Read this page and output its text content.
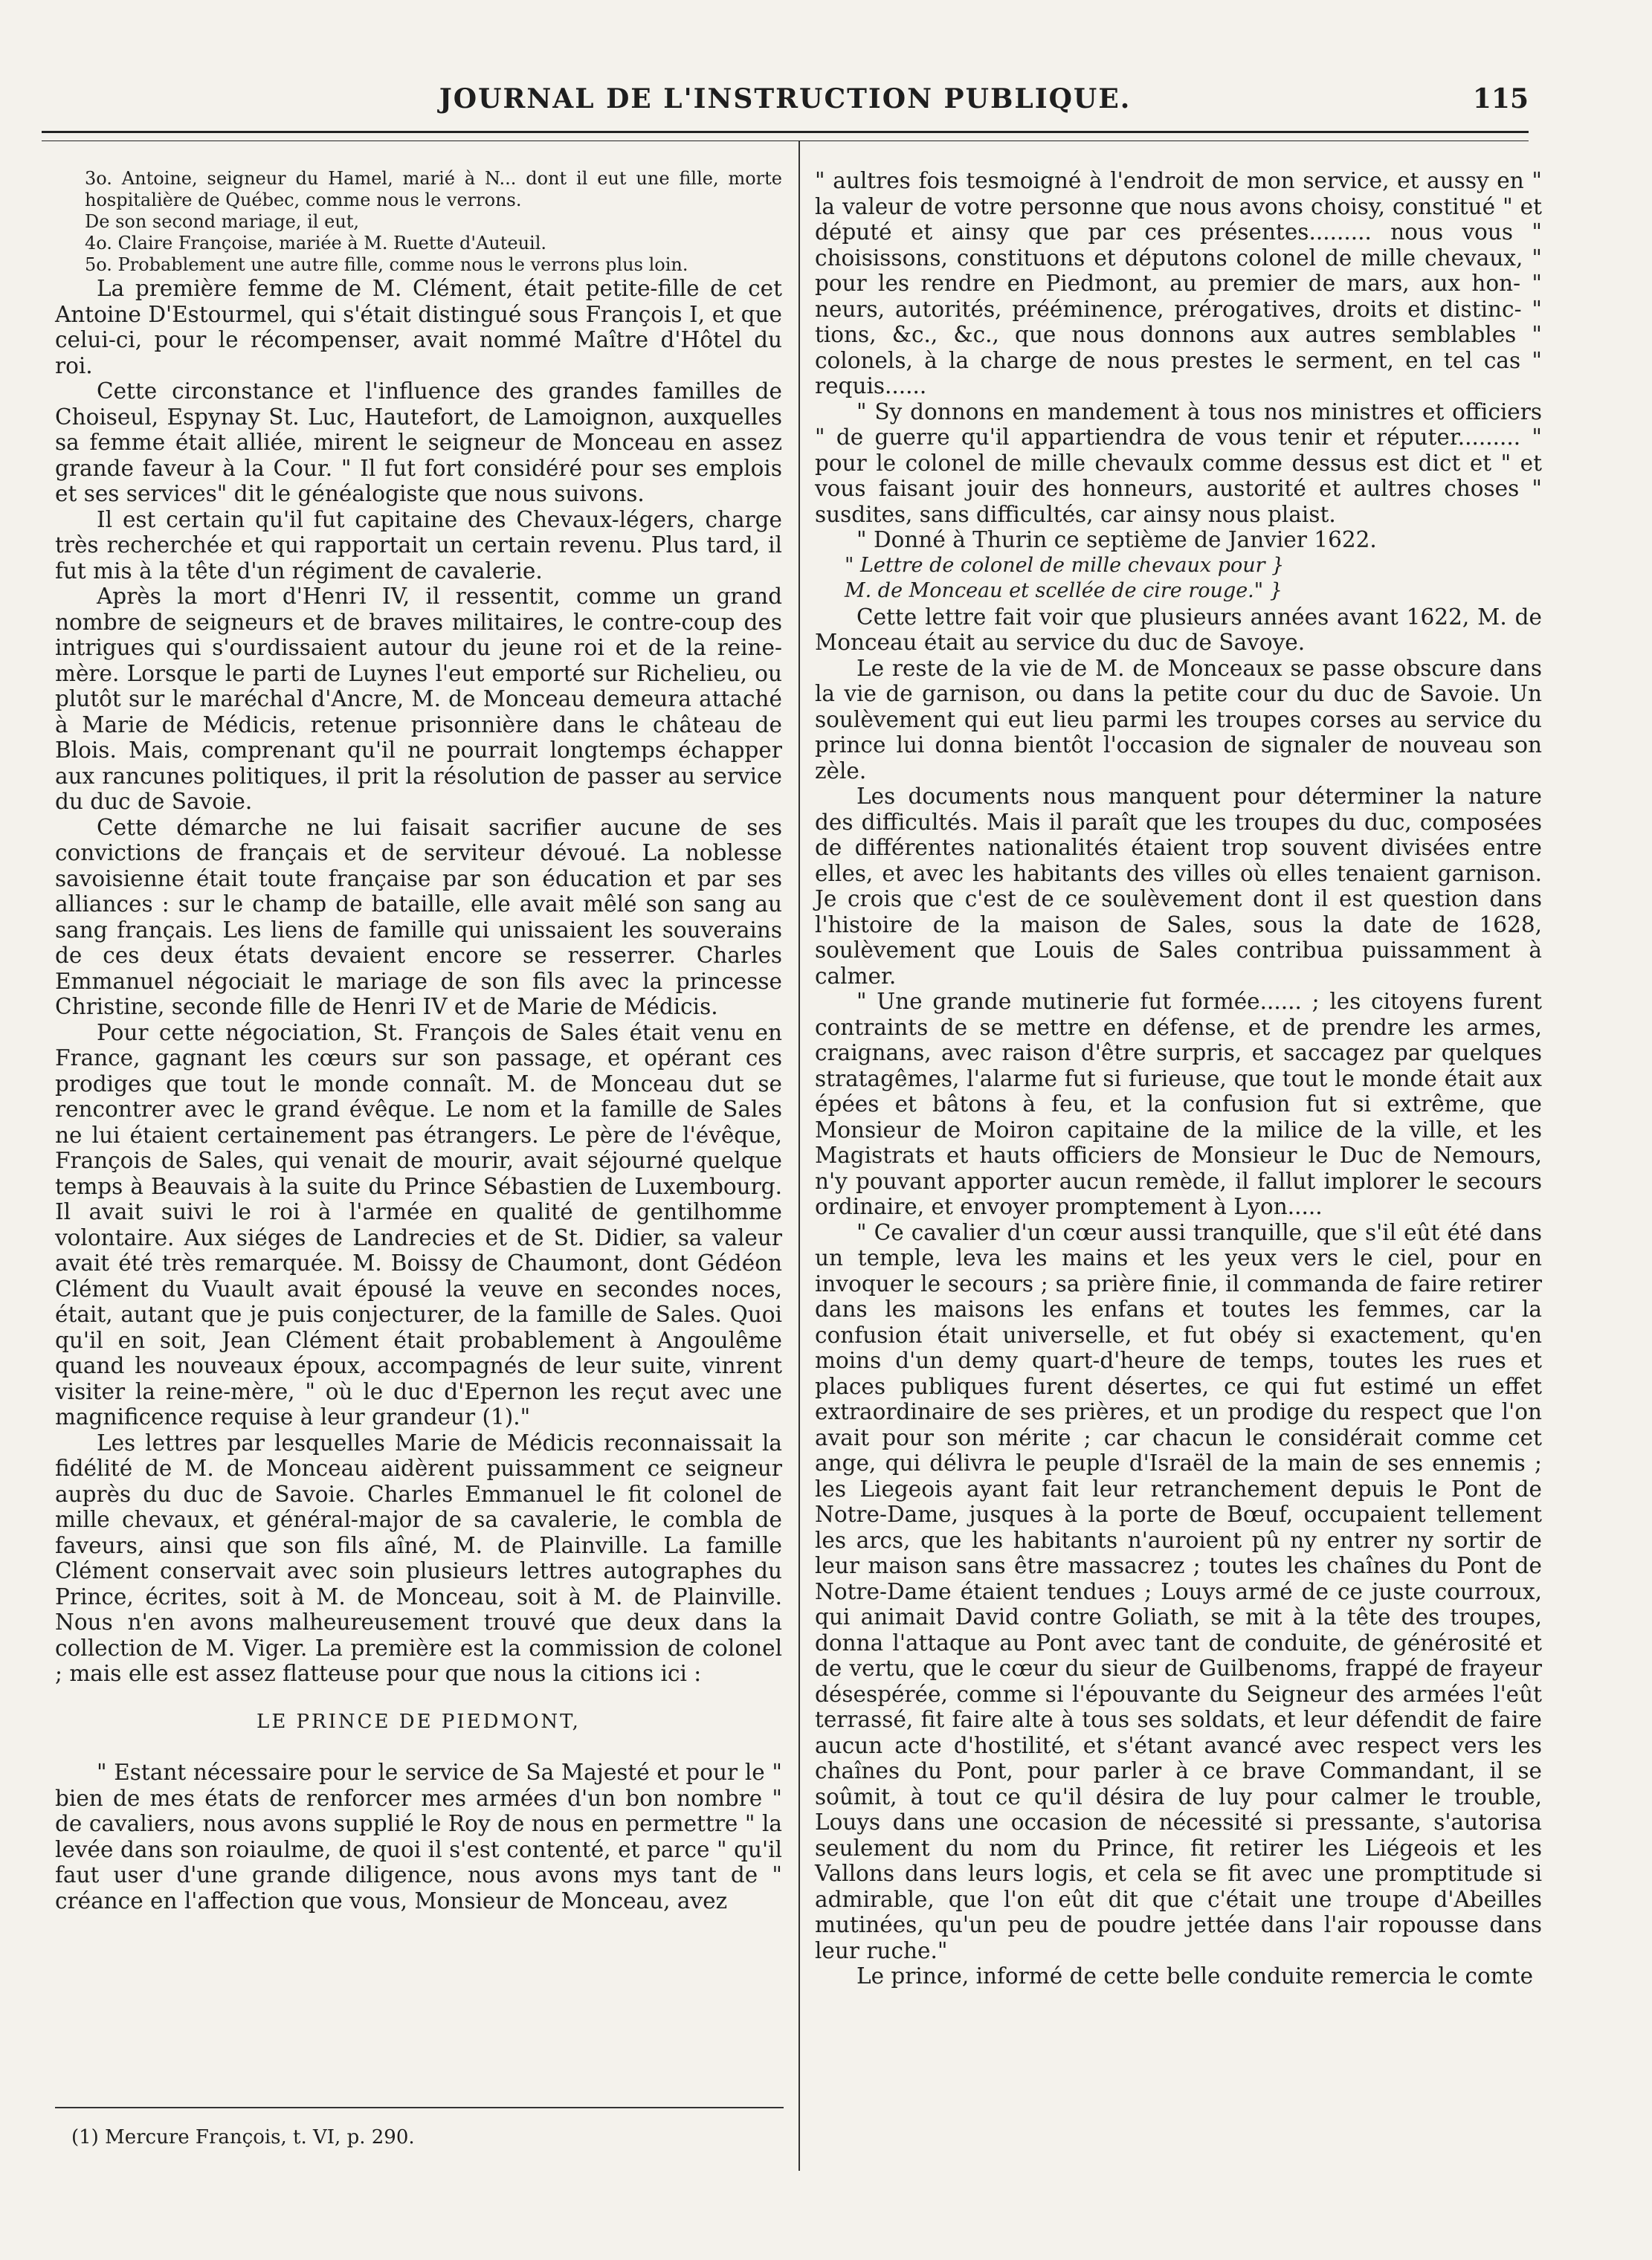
JOURNAL DE L'INSTRUCTION PUBLIQUE.	115

3o. Antoine, seigneur du Hamel, marié à N... dont il eut une fille, morte hospitalière de Québec, comme nous le verrons.

De son second mariage, il eut,

4o. Claire Françoise, mariée à M. Ruette d'Auteuil.

5o. Probablement une autre fille, comme nous le verrons plus loin.

La première femme de M. Clément, était petite-fille de cet Antoine D'Estourmel, qui s'était distingué sous François I, et que celui-ci, pour le récompenser, avait nommé Maître d'Hôtel du roi.

Cette circonstance et l'influence des grandes familles de Choiseul, Espynay St. Luc, Hautefort, de Lamoignon, auxquelles sa femme était alliée, mirent le seigneur de Monceau en assez grande faveur à la Cour. " Il fut fort considéré pour ses emplois et ses services" dit le généalogiste que nous suivons.

Il est certain qu'il fut capitaine des Chevaux-légers, charge très recherchée et qui rapportait un certain revenu. Plus tard, il fut mis à la tête d'un régiment de cavalerie.

Après la mort d'Henri IV, il ressentit, comme un grand nombre de seigneurs et de braves militaires, le contre-coup des intrigues qui s'ourdissaient autour du jeune roi et de la reine-mère. Lorsque le parti de Luynes l'eut emporté sur Richelieu, ou plutôt sur le maréchal d'Ancre, M. de Monceau demeura attaché à Marie de Médicis, retenue prisonnière dans le château de Blois. Mais, comprenant qu'il ne pourrait longtemps échapper aux rancunes politiques, il prit la résolution de passer au service du duc de Savoie.

Cette démarche ne lui faisait sacrifier aucune de ses convictions de français et de serviteur dévoué. La noblesse savoisienne était toute française par son éducation et par ses alliances : sur le champ de bataille, elle avait mêlé son sang au sang français. Les liens de famille qui unissaient les souverains de ces deux états devaient encore se resserrer. Charles Emmanuel négociait le mariage de son fils avec la princesse Christine, seconde fille de Henri IV et de Marie de Médicis.

Pour cette négociation, St. François de Sales était venu en France, gagnant les cœurs sur son passage, et opérant ces prodiges que tout le monde connaît. M. de Monceau dut se rencontrer avec le grand évêque. Le nom et la famille de Sales ne lui étaient certainement pas étrangers. Le père de l'évêque, François de Sales, qui venait de mourir, avait séjourné quelque temps à Beauvais à la suite du Prince Sébastien de Luxembourg. Il avait suivi le roi à l'armée en qualité de gentilhomme volontaire. Aux siéges de Landrecies et de St. Didier, sa valeur avait été très remarquée. M. Boissy de Chaumont, dont Gédéon Clément du Vuault avait épousé la veuve en secondes noces, était, autant que je puis conjecturer, de la famille de Sales. Quoi qu'il en soit, Jean Clément était probablement à Angoulême quand les nouveaux époux, accompagnés de leur suite, vinrent visiter la reine-mère, " où le duc d'Epernon les reçut avec une magnificence requise à leur grandeur (1)."

Les lettres par lesquelles Marie de Médicis reconnaissait la fidélité de M. de Monceau aidèrent puissamment ce seigneur auprès du duc de Savoie. Charles Emmanuel le fit colonel de mille chevaux, et général-major de sa cavalerie, le combla de faveurs, ainsi que son fils aîné, M. de Plainville. La famille Clément conservait avec soin plusieurs lettres autographes du Prince, écrites, soit à M. de Monceau, soit à M. de Plainville. Nous n'en avons malheureusement trouvé que deux dans la collection de M. Viger. La première est la commission de colonel ; mais elle est assez flatteuse pour que nous la citions ici :

LE PRINCE DE PIEDMONT,

" Estant nécessaire pour le service de Sa Majesté et pour le " bien de mes états de renforcer mes armées d'un bon nombre " de cavaliers, nous avons supplié le Roy de nous en permettre " la levée dans son roiaulme, de quoi il s'est contenté, et parce " qu'il faut user d'une grande diligence, nous avons mys tant de " créance en l'affection que vous, Monsieur de Monceau, avez

" aultres fois tesmoigné à l'endroit de mon service, et aussy en " la valeur de votre personne que nous avons choisy, constitué " et député et ainsy que par ces présentes......... nous vous " choisissons, constituons et députons colonel de mille chevaux, " pour les rendre en Piedmont, au premier de mars, aux hon- " neurs, autorités, prééminence, prérogatives, droits et distinc- " tions, &c., &c., que nous donnons aux autres semblables " colonels, à la charge de nous prestes le serment, en tel cas " requis......

" Sy donnons en mandement à tous nos ministres et officiers " de guerre qu'il appartiendra de vous tenir et réputer......... " pour le colonel de mille chevaulx comme dessus est dict et " et vous faisant jouir des honneurs, austorité et aultres choses " susdites, sans difficultés, car ainsy nous plaist.

" Donné à Thurin ce septième de Janvier 1622.

" Lettre de colonel de mille chevaux pour }

M. de Monceau et scellée de cire rouge." }

Cette lettre fait voir que plusieurs années avant 1622, M. de Monceau était au service du duc de Savoye.

Le reste de la vie de M. de Monceaux se passe obscure dans la vie de garnison, ou dans la petite cour du duc de Savoie. Un soulèvement qui eut lieu parmi les troupes corses au service du prince lui donna bientôt l'occasion de signaler de nouveau son zèle.

Les documents nous manquent pour déterminer la nature des difficultés. Mais il paraît que les troupes du duc, composées de différentes nationalités étaient trop souvent divisées entre elles, et avec les habitants des villes où elles tenaient garnison. Je crois que c'est de ce soulèvement dont il est question dans l'histoire de la maison de Sales, sous la date de 1628, soulèvement que Louis de Sales contribua puissamment à calmer.

" Une grande mutinerie fut formée...... ; les citoyens furent contraints de se mettre en défense, et de prendre les armes, craignans, avec raison d'être surpris, et saccagez par quelques stratagêmes, l'alarme fut si furieuse, que tout le monde était aux épées et bâtons à feu, et la confusion fut si extrême, que Monsieur de Moiron capitaine de la milice de la ville, et les Magistrats et hauts officiers de Monsieur le Duc de Nemours, n'y pouvant apporter aucun remède, il fallut implorer le secours ordinaire, et envoyer promptement à Lyon.....

" Ce cavalier d'un cœur aussi tranquille, que s'il eût été dans un temple, leva les mains et les yeux vers le ciel, pour en invoquer le secours ; sa prière finie, il commanda de faire retirer dans les maisons les enfans et toutes les femmes, car la confusion était universelle, et fut obéy si exactement, qu'en moins d'un demy quart-d'heure de temps, toutes les rues et places publiques furent désertes, ce qui fut estimé un effet extraordinaire de ses prières, et un prodige du respect que l'on avait pour son mérite ; car chacun le considérait comme cet ange, qui délivra le peuple d'Israël de la main de ses ennemis ; les Liegeois ayant fait leur retranchement depuis le Pont de Notre-Dame, jusques à la porte de Bœuf, occupaient tellement les arcs, que les habitants n'auroient pû ny entrer ny sortir de leur maison sans être massacrez ; toutes les chaînes du Pont de Notre-Dame étaient tendues ; Louys armé de ce juste courroux, qui animait David contre Goliath, se mit à la tête des troupes, donna l'attaque au Pont avec tant de conduite, de générosité et de vertu, que le cœur du sieur de Guilbenoms, frappé de frayeur désespérée, comme si l'épouvante du Seigneur des armées l'eût terrassé, fit faire alte à tous ses soldats, et leur défendit de faire aucun acte d'hostilité, et s'étant avancé avec respect vers les chaînes du Pont, pour parler à ce brave Commandant, il se soûmit, à tout ce qu'il désira de luy pour calmer le trouble, Louys dans une occasion de nécessité si pressante, s'autorisa seulement du nom du Prince, fit retirer les Liégeois et les Vallons dans leurs logis, et cela se fit avec une promptitude si admirable, que l'on eût dit que c'était une troupe d'Abeilles mutinées, qu'un peu de poudre jettée dans l'air ropousse dans leur ruche."

Le prince, informé de cette belle conduite remercia le comte

(1) Mercure François, t. VI, p. 290.
